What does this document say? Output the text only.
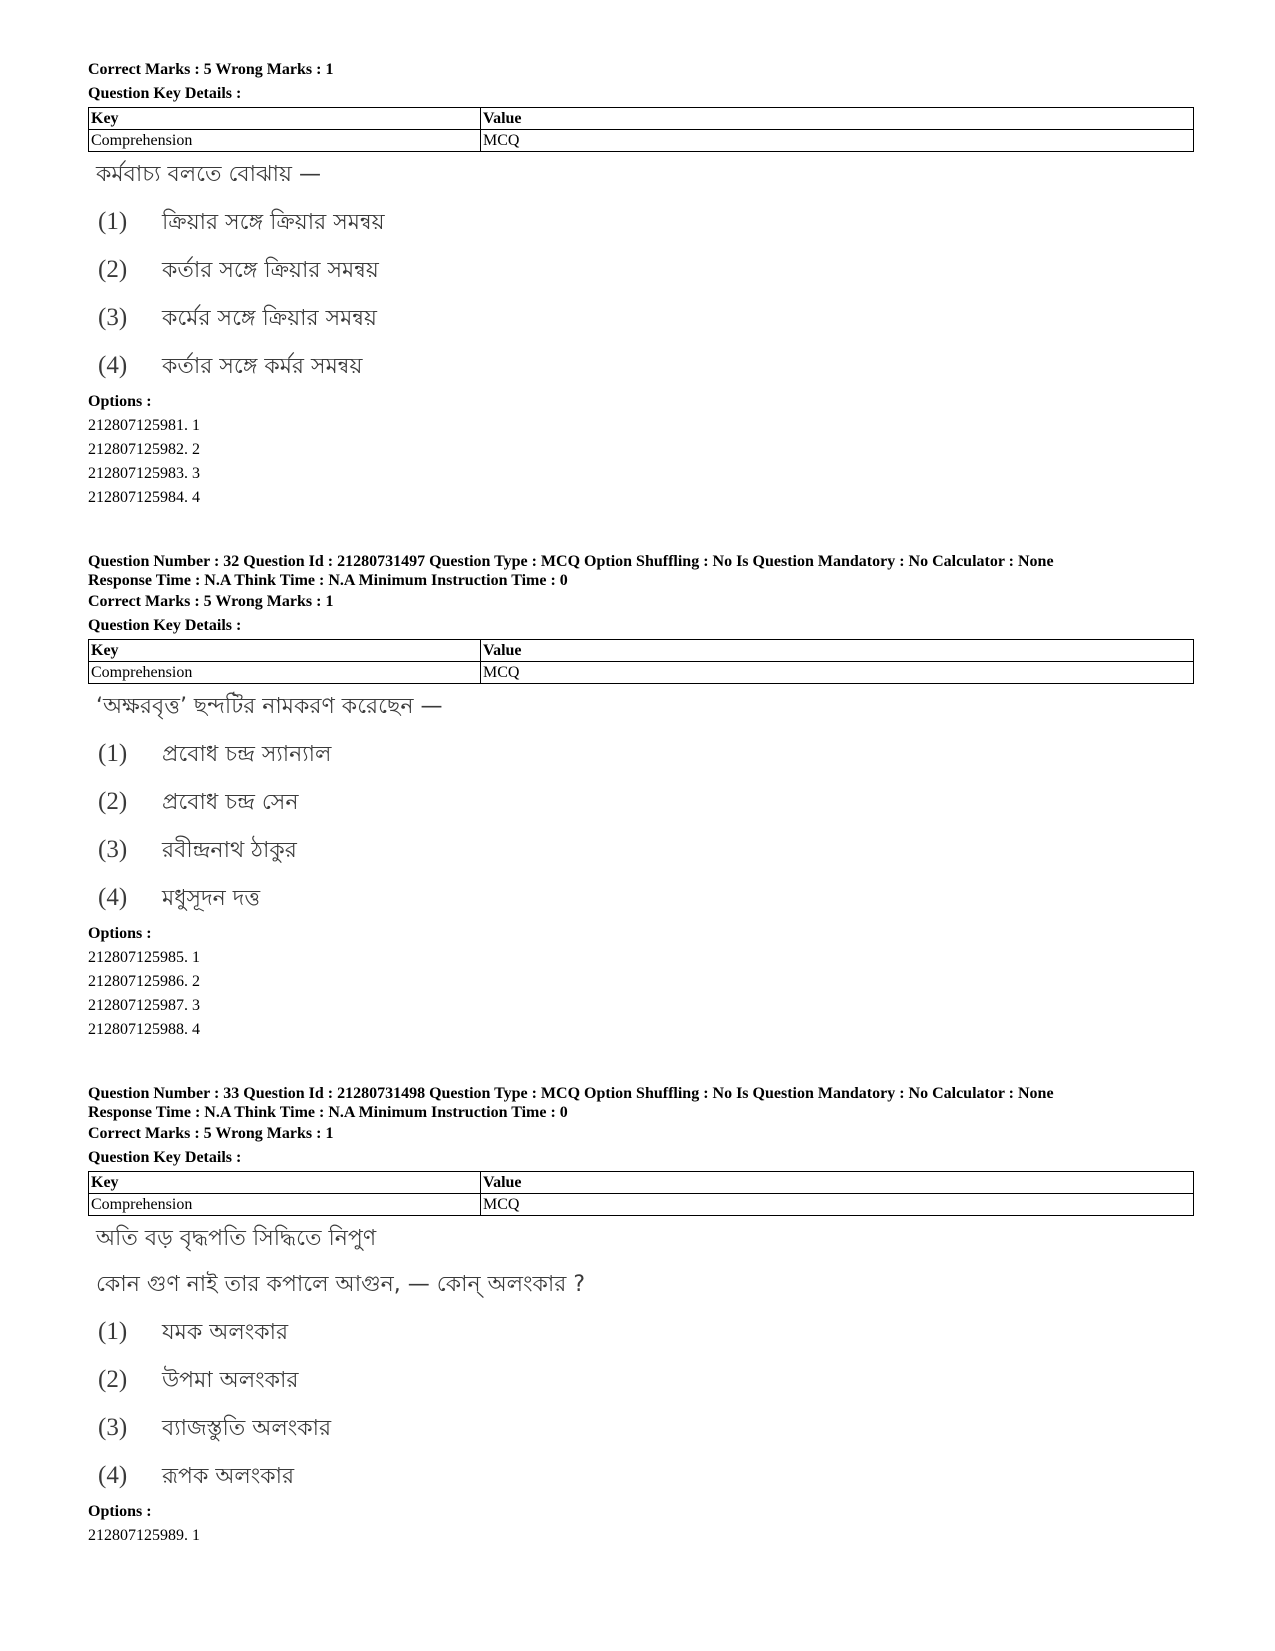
Correct Marks : 5 Wrong Marks : 1
Question Key Details :
Key	Value
Comprehension	MCQ
কর্মবাচ্য বলতে বোঝায় —
(1) ক্রিয়ার সঙ্গে ক্রিয়ার সমন্বয়
(2) কর্তার সঙ্গে ক্রিয়ার সমন্বয়
(3) কর্মের সঙ্গে ক্রিয়ার সমন্বয়
(4) কর্তার সঙ্গে কর্মর সমন্বয়
Options :
212807125981. 1
212807125982. 2
212807125983. 3
212807125984. 4
Question Number : 32 Question Id : 21280731497 Question Type : MCQ Option Shuffling : No Is Question Mandatory : No Calculator : None
Response Time : N.A Think Time : N.A Minimum Instruction Time : 0
Correct Marks : 5 Wrong Marks : 1
Question Key Details :
Key	Value
Comprehension	MCQ
‘অক্ষরবৃত্ত’ ছন্দটির নামকরণ করেছেন —
(1) প্রবোধ চন্দ্র স্যান্যাল
(2) প্রবোধ চন্দ্র সেন
(3) রবীন্দ্রনাথ ঠাকুর
(4) মধুসূদন দত্ত
Options :
212807125985. 1
212807125986. 2
212807125987. 3
212807125988. 4
Question Number : 33 Question Id : 21280731498 Question Type : MCQ Option Shuffling : No Is Question Mandatory : No Calculator : None
Response Time : N.A Think Time : N.A Minimum Instruction Time : 0
Correct Marks : 5 Wrong Marks : 1
Question Key Details :
Key	Value
Comprehension	MCQ
অতি বড় বৃদ্ধপতি সিদ্ধিতে নিপুণ
কোন গুণ নাই তার কপালে আগুন, — কোন্ অলংকার ?
(1) যমক অলংকার
(2) উপমা অলংকার
(3) ব্যাজস্তুতি অলংকার
(4) রূপক অলংকার
Options :
212807125989. 1
